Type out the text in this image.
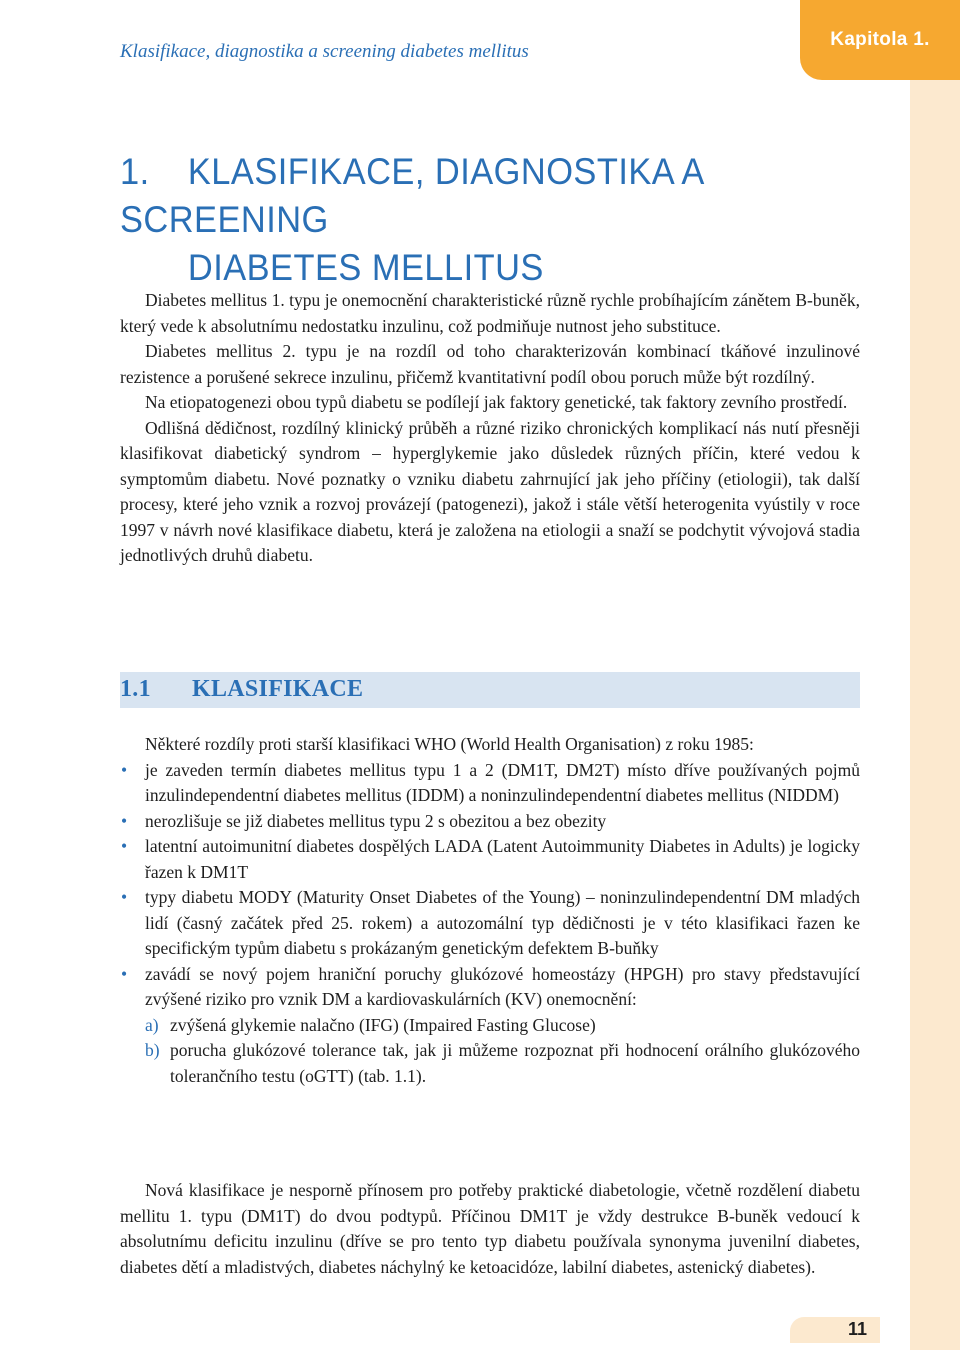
Kapitola 1.
Klasifikace, diagnostika a screening diabetes mellitus
1. KLASIFIKACE, DIAGNOSTIKA A SCREENING
DIABETES MELLITUS

Diabetes mellitus 1. typu je onemocnění charakteristické různě rychle probíhajícím zánětem B-buněk, který vede k absolutnímu nedostatku inzulinu, což podmiňuje nutnost jeho substituce.

Diabetes mellitus 2. typu je na rozdíl od toho charakterizován kombinací tkáňové inzulinové rezistence a porušené sekrece inzulinu, přičemž kvantitativní podíl obou poruch může být rozdílný.

Na etiopatogenezi obou typů diabetu se podílejí jak faktory genetické, tak faktory zevního prostředí.

Odlišná dědičnost, rozdílný klinický průběh a různé riziko chronických komplikací nás nutí přesněji klasifikovat diabetický syndrom – hyperglykemie jako důsledek různých příčin, které vedou k symptomům diabetu. Nové poznatky o vzniku diabetu zahrnující jak jeho příčiny (etiologii), tak další procesy, které jeho vznik a rozvoj provázejí (patogenezi), jakož i stále větší heterogenita vyústily v roce 1997 v návrh nové klasifikace diabetu, která je založena na etiologii a snaží se podchytit vývojová stadia jednotlivých druhů diabetu.

1.1 KLASIFIKACE

Některé rozdíly proti starší klasifikaci WHO (World Health Organisation) z roku 1985:

• je zaveden termín diabetes mellitus typu 1 a 2 (DM1T, DM2T) místo dříve používaných pojmů inzulindependentní diabetes mellitus (IDDM) a noninzulindependentní diabetes mellitus (NIDDM)
• nerozlišuje se již diabetes mellitus typu 2 s obezitou a bez obezity
• latentní autoimunitní diabetes dospělých LADA (Latent Autoimmunity Diabetes in Adults) je logicky řazen k DM1T
• typy diabetu MODY (Maturity Onset Diabetes of the Young) – noninzulindependentní DM mladých lidí (časný začátek před 25. rokem) a autozomální typ dědičnosti je v této klasifikaci řazen ke specifickým typům diabetu s prokázaným genetickým defektem B-buňky
• zavádí se nový pojem hraniční poruchy glukózové homeostázy (HPGH) pro stavy představující zvýšené riziko pro vznik DM a kardiovaskulárních (KV) onemocnění:
a) zvýšená glykemie nalačno (IFG) (Impaired Fasting Glucose)
b) porucha glukózové tolerance tak, jak ji můžeme rozpoznat při hodnocení orálního glukózového tolerančního testu (oGTT) (tab. 1.1).

Nová klasifikace je nesporně přínosem pro potřeby praktické diabetologie, včetně rozdělení diabetu mellitu 1. typu (DM1T) do dvou podtypů. Příčinou DM1T je vždy destrukce B-buněk vedoucí k absolutnímu deficitu inzulinu (dříve se pro tento typ diabetu používala synonyma juvenilní diabetes, diabetes dětí a mladistvých, diabetes náchylný ke ketoacidóze, labilní diabetes, astenický diabetes).

11
